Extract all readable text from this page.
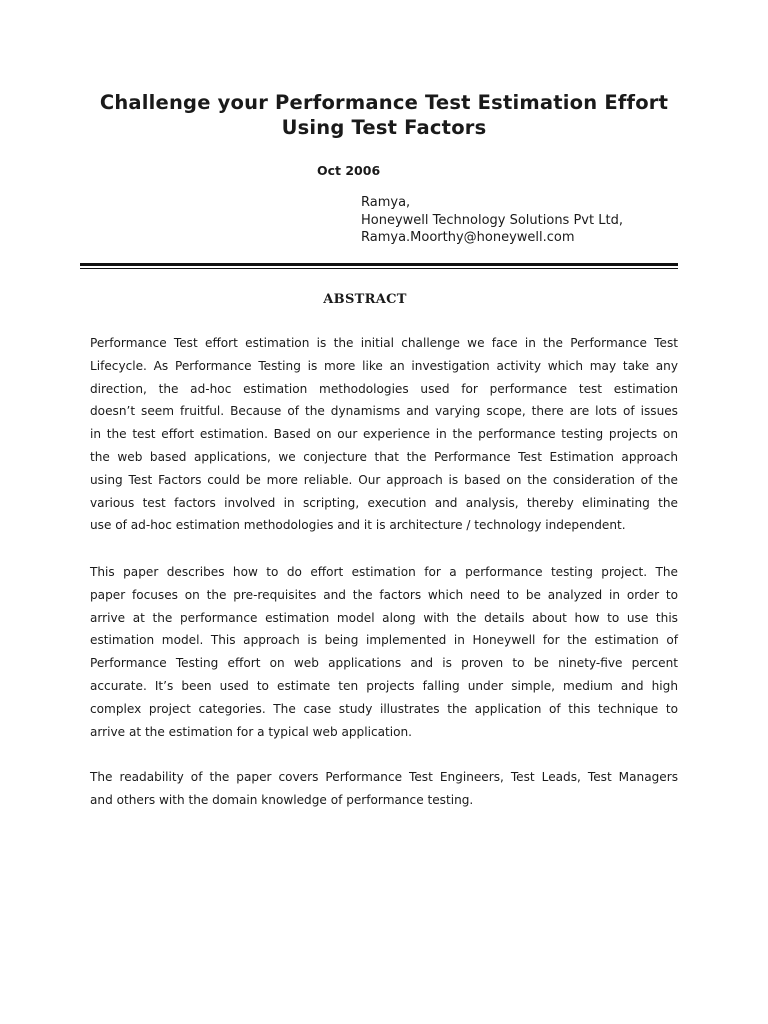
Challenge your Performance Test Estimation Effort
Using Test Factors
Oct 2006
Ramya,
Honeywell Technology Solutions Pvt Ltd,
Ramya.Moorthy@honeywell.com
ABSTRACT
Performance Test effort estimation is the initial challenge we face in the Performance Test
Lifecycle. As Performance Testing is more like an investigation activity which may take any
direction, the ad-hoc estimation methodologies used for performance test estimation
doesn’t seem fruitful. Because of the dynamisms and varying scope, there are lots of issues
in the test effort estimation. Based on our experience in the performance testing projects on
the web based applications, we conjecture that the Performance Test Estimation approach
using Test Factors could be more reliable. Our approach is based on the consideration of the
various test factors involved in scripting, execution and analysis, thereby eliminating the
use of ad-hoc estimation methodologies and it is architecture / technology independent.
This paper describes how to do effort estimation for a performance testing project. The
paper focuses on the pre-requisites and the factors which need to be analyzed in order to
arrive at the performance estimation model along with the details about how to use this
estimation model. This approach is being implemented in Honeywell for the estimation of
Performance Testing effort on web applications and is proven to be ninety-five percent
accurate. It’s been used to estimate ten projects falling under simple, medium and high
complex project categories. The case study illustrates the application of this technique to
arrive at the estimation for a typical web application.
The readability of the paper covers Performance Test Engineers, Test Leads, Test Managers
and others with the domain knowledge of performance testing.
